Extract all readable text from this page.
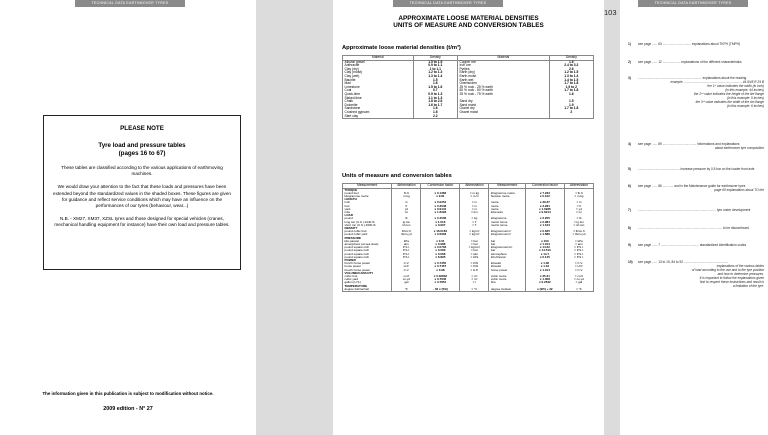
TECHNICAL DATA EARTHMOVER TYRES
PLEASE NOTE
Tyre load and pressure tables
(pages 16 to 67)

These tables are classified according to the various applications of earthmoving machines.

We would draw your attention to the fact that these loads and pressures have been extended beyond the standardized values in the shaded boxes. These figures are given for guidance and reflect service conditions which may have an influence on the performances of our tyres (behaviour, wear...)

N.B. - XM27, XM37, XZSL tyres and those designed for special vehicles (cranes, mechanical handling equipment for instance) have their own load and pressure tables.

The information given in this publication is subject to modification without notice.
2009 edition - N° 27
TECHNICAL DATA EARTHMOVER TYRES
APPROXIMATE LOOSE MATERIAL DENSITIES
UNITS OF MEASURE AND CONVERSION TABLES
Approximate loose material densities (t/m³)
Material	Density	Material	Density
Alluvial gravel	1.5 to 1.5	Copper ore	1.6
Anthracite	0.9 to 1.1	Iron ore	2.4 to 3.2
Clay (dry)	1 to 1.1	Pyrites	2.6
Clay (moist)	1.2 to 1.3	Earth (dry)	1.2 to 1.5
Clay (wet)	1.3 to 1.4	Earth moist	1.3 to 1.4
Bauxite	1.5	Earth wet	1.4 to 1.5
Marl	1.6	Overburden	1.7 to 1.8
Limestone	1.5 to 1.6	25 % rock - 25 % earth	1.9 to 2
Coal	0.7	50 % rock - 50 % earth	1.7 to 1.8
Quick-lime	0.9 to 1.3	25 % rock - 75 % earth	1.6
Slaked-lime	1.1 to 1.3		
Chalk	1.8 to 2.6	Sand dry	1.5
Dolomite	1.6 to 1.7	Sand moist	1.9
Sandstone	1.6	Gravel dry	1.7 to 1.8
Crushed gypsum	1.6	Gravel moist	2
Slart clay	2.2		
Units of measure and conversion tables
Measurement	Abbreviation	Conversion factor	Abbreviation	Measurement	Conversion factor	Abbreviation
TORQUE						
pound foot	lb.ft	x 0.1383	= m.kg	kilogramme metre	x 7.233	= lb.ft
kilogramme metre	m.kg	x 9.81	= m.N	Newton metre	x 0.102	= m.kg
LENGTH						
inch	in	x 0.0254	= m	metre	x 39.37	= in
foot	ft	x 0.3048	= m	metre	x 3.281	= ft
yard	yd	x 0.9144	= m	metre	x 1.0936	= yd
mile	mi	x 1.6093	= km	kilometre	x 0.6214	= mi
LOAD						
pound	lb	x 0.4536	= kg	kilogramme	x 2.205	= lb
long ton (U.K.) 2240 lb	lg.ton	x 1.016	= T	metric tonne	x 0.984	= lg.ton
short ton (U.S.) 2000 lb	sh.ton	x 0.907	= T	metric tonne	x 1.103	= sh.ton
DENSITY						
pound cubic foot	lb/cu.ft	x 16.0184	= kg/m³	kilogramme/m³	x 0.625	= lb/cu.ft
pound cubic yard	lb/cu.yd	x 0.5933	= kg/m³	kilogramme/m³	x 1.686	= lb/cu.yd
PRESSURE						
kilo-pascal	kPa	x 0.01	= bar	bar	x 100	= kPa
atmosphere (at sea level)	atm	x 0.988	= bar	bar	x 1.014	= atm
pound square inch	P.S.I.	x 0.0703	= kg/cm²	kilogramme/cm²	x 14.22	= P.S.I.
pound square inch	P.S.I.	x 0.069	= bar	bar	x 14.513	= P.S.I.
pound square inch	P.S.I.	x 0.068	= atm	atmosphere	x 14.7	= P.S.I.
pound square inch	P.S.I.	x 6.895	= kPa	kilo-Pascal	x 0.145	= P.S.I.
POWER						
french horse power	C.V.	x 0.7355	= KW	kilowatt	x 1.36	= C.V.
horse power	H.P.	x 0.7457	= KW	kilowatt	x 1.34	= H.P.
french horse power	C.V.	x 0.98	= H.P.	horse power	x 1.014	= C.V.
VOLUME/CAPACITY						
cubic foot	cu.ft	x 0.02832	= m³	cubic metre	x 35.31	= cu.ft
cubic yard	cu.yd	x 0.7646	= m³	cubic metre	x 1.308	= cu.yd
gallon (U.S.)	gal	x 3.7854	= l	litre	x 0.2642	= gal
TEMPERATURE						
degree Fahrenheit	°F	- 32 x (5/9)	= °C	degree Celsius	x (9/5) + 32	= °F
103
TECHNICAL DATA EARTHMOVER TYRES
1) see page ...... 63 ................................ explanations about TKPH (TMPH)
2) see page ...... 12 .................... explanations of the different characteristics
3) ........................................................................ explanations about the reading
example .................................................................. 44.5/45 R 29 B
the 1ˢᵗ value indicates the width (in inch)
(in this example: 44 inches)
the 2ⁿᵈ value indicates the height of the tire flange
(in this example: 5 inches)
the 3ʳᵈ value indicates the width of the rim flange
(in this example: 6 inches)
4) see page ...... 89 ...................................... informations and explanations
about earthmover tyre composition
5) ............................................... increase pressure by 0,5 bar on the loader front axle
6) see page ...... 86 ............ and in the Maintenance guide for earthmover tyres
page 65 explanations about TO tire
7) ........................................................................................ tyre under development
8) ............................................................................................... to be discontinued
9) see page ...... 7 ........................................... standardized identification codes
10) see page ...... 13 to 15, 84 to 92 ..................................................
explanations of the various tables
of load according to the use and to the tyre position
and how to determine pressures.
It is important to follow the explanations given
first to respect these instructions and result in
a limitation of the tyre.
